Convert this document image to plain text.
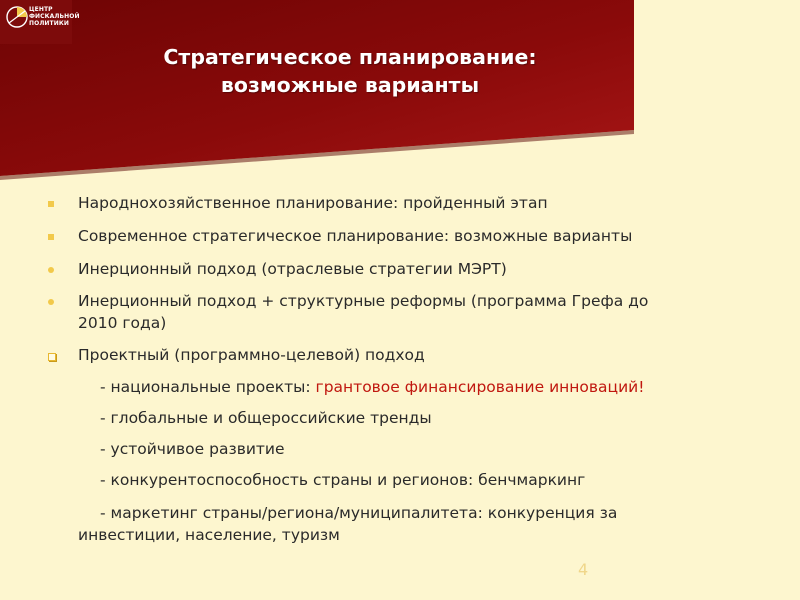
ЦЕНТР
ФИСКАЛЬНОЙ
ПОЛИТИКИ
Стратегическое планирование:
возможные варианты
Народнохозяйственное планирование: пройденный этап
Современное стратегическое планирование: возможные варианты
Инерционный подход (отраслевые стратегии МЭРТ)
Инерционный подход + структурные реформы (программа Грефа до
2010 года)
Проектный (программно-целевой) подход
- национальные проекты: грантовое финансирование инноваций!
- глобальные и общероссийские тренды
- устойчивое развитие
- конкурентоспособность страны и регионов: бенчмаркинг
- маркетинг страны/региона/муниципалитета: конкуренция за
инвестиции, население, туризм
4
